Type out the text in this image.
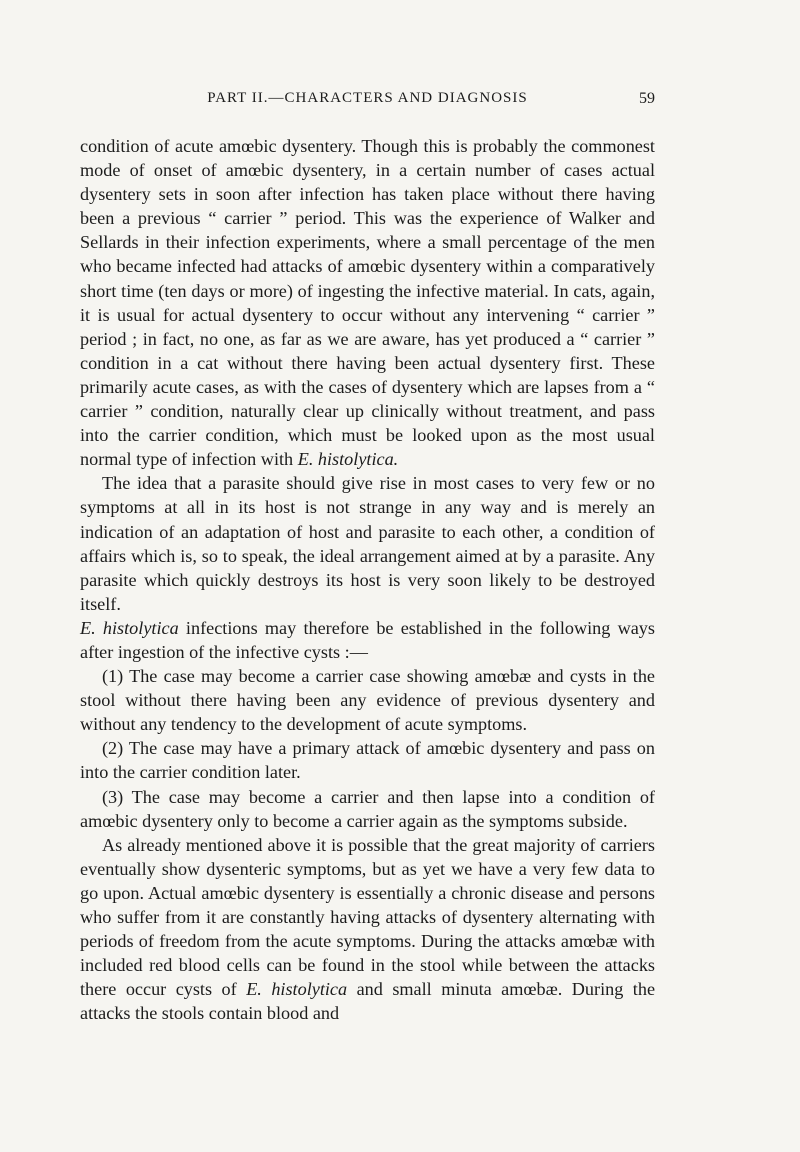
PART II.—CHARACTERS AND DIAGNOSIS	59

condition of acute amœbic dysentery. Though this is probably the commonest mode of onset of amœbic dysentery, in a certain number of cases actual dysentery sets in soon after infection has taken place without there having been a previous “ carrier ” period. This was the experience of Walker and Sellards in their infection experiments, where a small percentage of the men who became infected had attacks of amœbic dysentery within a comparatively short time (ten days or more) of ingesting the infective material. In cats, again, it is usual for actual dysentery to occur without any intervening “ carrier ” period ; in fact, no one, as far as we are aware, has yet produced a “ carrier ” condition in a cat without there having been actual dysentery first. These primarily acute cases, as with the cases of dysentery which are lapses from a “ carrier ” condition, naturally clear up clinically without treatment, and pass into the carrier condition, which must be looked upon as the most usual normal type of infection with E. histolytica.

The idea that a parasite should give rise in most cases to very few or no symptoms at all in its host is not strange in any way and is merely an indication of an adaptation of host and parasite to each other, a condition of affairs which is, so to speak, the ideal arrangement aimed at by a parasite. Any parasite which quickly destroys its host is very soon likely to be destroyed itself.

E. histolytica infections may therefore be established in the following ways after ingestion of the infective cysts :—

(1) The case may become a carrier case showing amœbæ and cysts in the stool without there having been any evidence of previous dysentery and without any tendency to the development of acute symptoms.

(2) The case may have a primary attack of amœbic dysentery and pass on into the carrier condition later.

(3) The case may become a carrier and then lapse into a condition of amœbic dysentery only to become a carrier again as the symptoms subside.

As already mentioned above it is possible that the great majority of carriers eventually show dysenteric symptoms, but as yet we have a very few data to go upon. Actual amœbic dysentery is essentially a chronic disease and persons who suffer from it are constantly having attacks of dysentery alternating with periods of freedom from the acute symptoms. During the attacks amœbæ with included red blood cells can be found in the stool while between the attacks there occur cysts of E. histolytica and small minuta amœbæ. During the attacks the stools contain blood and
